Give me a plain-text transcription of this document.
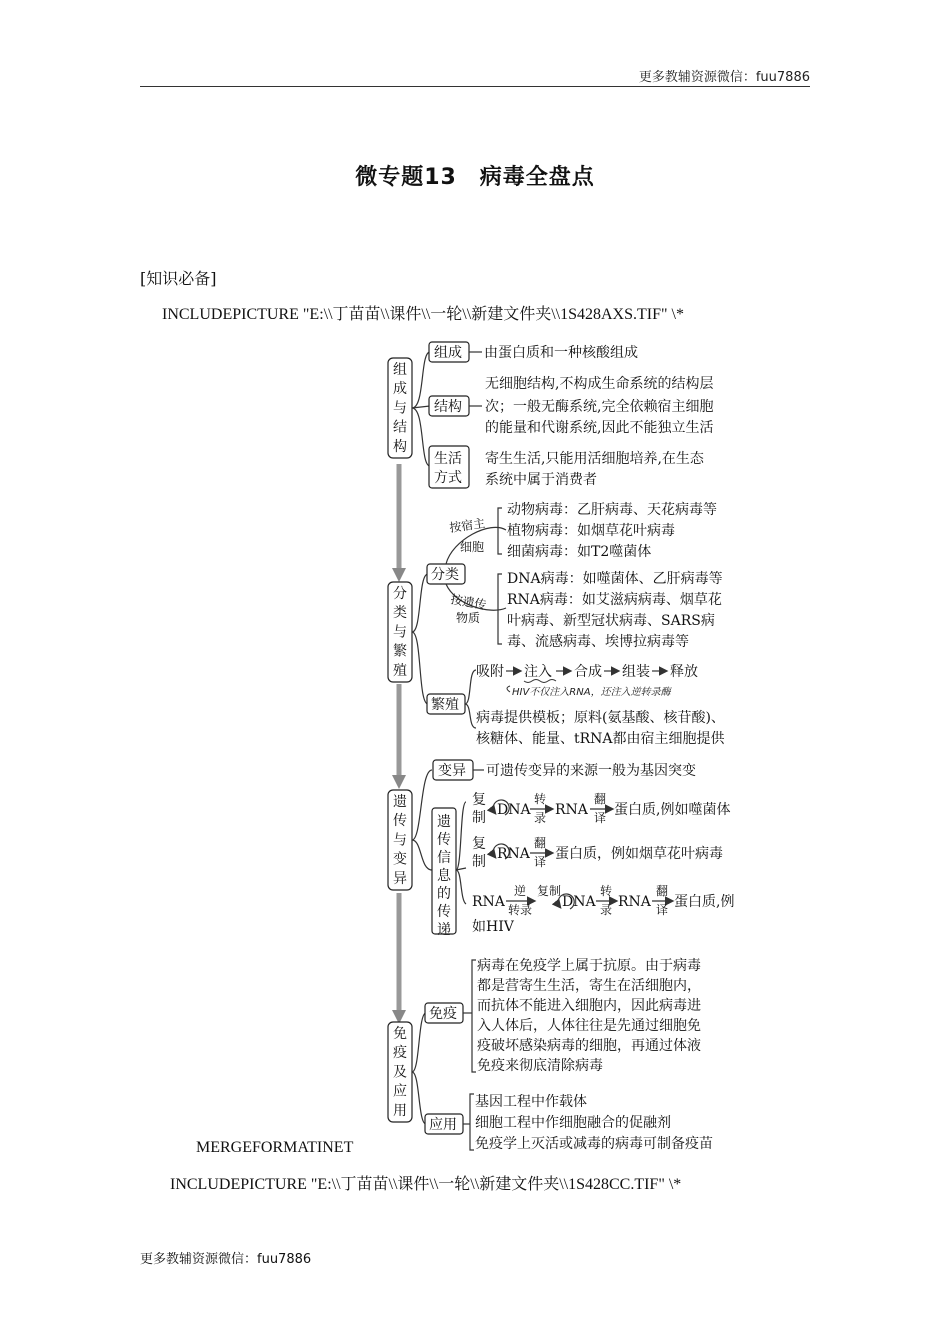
更多教辅资源微信：fuu7886
微专题13　病毒全盘点
[知识必备]
INCLUDEPICTURE "E:\\丁苗苗\\课件\\一轮\\新建文件夹\\1S428AXS.TIF" \*
组
成
与
结
构
分
类
与
繁
殖
遗
传
与
变
异
免
疫
及
应
用
组成 由蛋白质和一种核酸组成
结构
无细胞结构,不构成生命系统的结构层
次；一般无酶系统,完全依赖宿主细胞
的能量和代谢系统,因此不能独立生活
生活
方式
寄生生活,只能用活细胞培养,在生态
系统中属于消费者
分类
按宿主
细胞
按遗传
物质
动物病毒：乙肝病毒、天花病毒等
植物病毒：如烟草花叶病毒
细菌病毒：如T2噬菌体
DNA病毒：如噬菌体、乙肝病毒等
RNA病毒：如艾滋病病毒、烟草花
叶病毒、新型冠状病毒、SARS病
毒、流感病毒、埃博拉病毒等
繁殖
吸附 注入 合成 组装 释放
HIV不仅注入RNA，还注入逆转录酶
病毒提供模板；原料(氨基酸、核苷酸)、
核糖体、能量、tRNA都由宿主细胞提供
变异 可遗传变异的来源一般为基因突变
遗
传
信
息
的
传
递
复
制 DNA
转
录 RNA
翻
译 蛋白质,例如噬菌体
复
制 RNA
翻
译 蛋白质，例如烟草花叶病毒
RNA
逆
转录
复制
DNA
转
录 RNA
翻
译 蛋白质,例
如HIV
免疫
病毒在免疫学上属于抗原。由于病毒
都是营寄生生活，寄生在活细胞内，
而抗体不能进入细胞内，因此病毒进
入人体后，人体往往是先通过细胞免
疫破坏感染病毒的细胞，再通过体液
免疫来彻底清除病毒
应用
基因工程中作载体
细胞工程中作细胞融合的促融剂
免疫学上灭活或减毒的病毒可制备疫苗
MERGEFORMATINET
INCLUDEPICTURE "E:\\丁苗苗\\课件\\一轮\\新建文件夹\\1S428CC.TIF" \*
更多教辅资源微信：fuu7886
